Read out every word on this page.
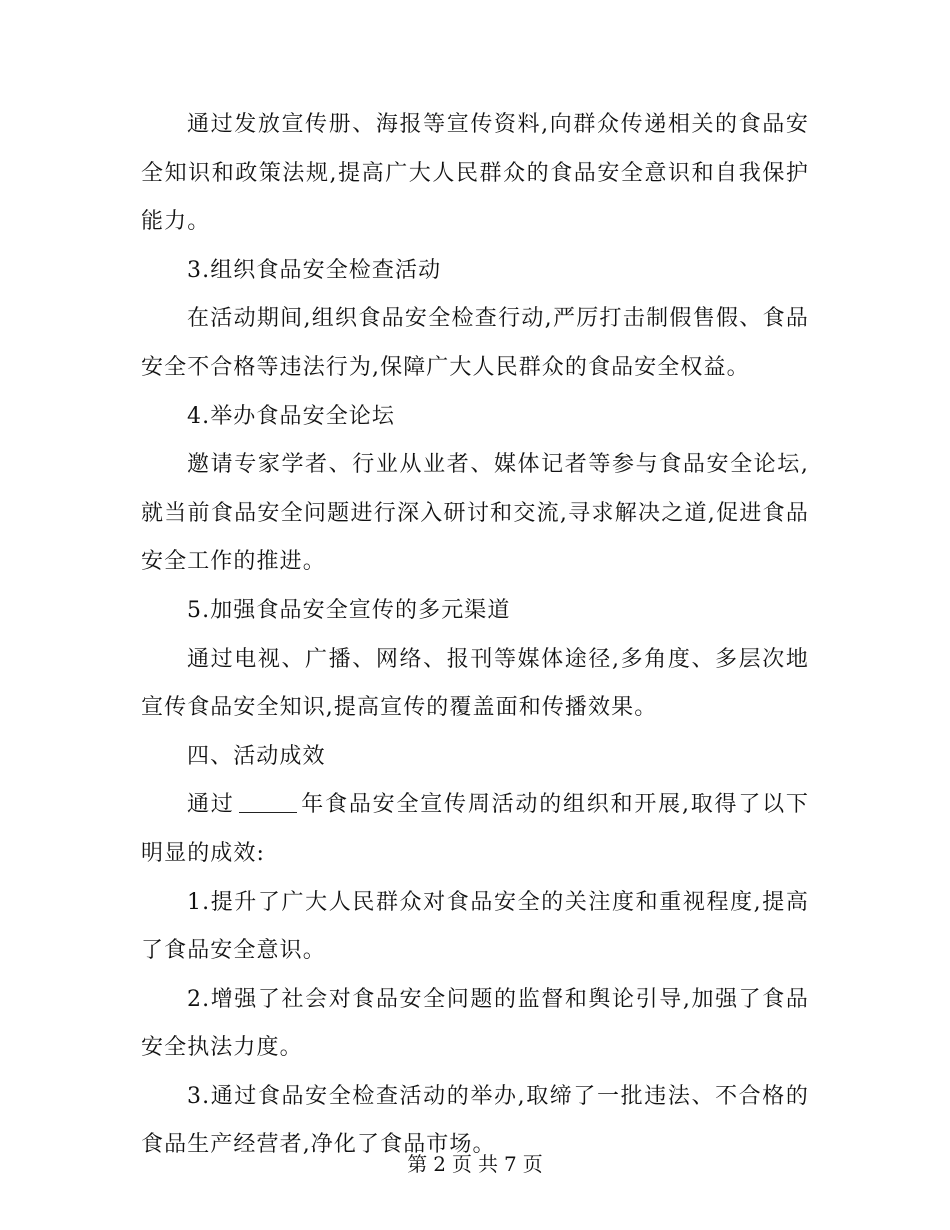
通过发放宣传册、海报等宣传资料,向群众传递相关的食品安全知识和政策法规,提高广大人民群众的食品安全意识和自我保护能力。

3.组织食品安全检查活动

在活动期间,组织食品安全检查行动,严厉打击制假售假、食品安全不合格等违法行为,保障广大人民群众的食品安全权益。

4.举办食品安全论坛

邀请专家学者、行业从业者、媒体记者等参与食品安全论坛,就当前食品安全问题进行深入研讨和交流,寻求解决之道,促进食品安全工作的推进。

5.加强食品安全宣传的多元渠道

通过电视、广播、网络、报刊等媒体途径,多角度、多层次地宣传食品安全知识,提高宣传的覆盖面和传播效果。

四、活动成效

通过	年食品安全宣传周活动的组织和开展,取得了以下明显的成效:

1.提升了广大人民群众对食品安全的关注度和重视程度,提高了食品安全意识。

2.增强了社会对食品安全问题的监督和舆论引导,加强了食品安全执法力度。

3.通过食品安全检查活动的举办,取缔了一批违法、不合格的食品生产经营者,净化了食品市场。

第 2 页 共 7 页
